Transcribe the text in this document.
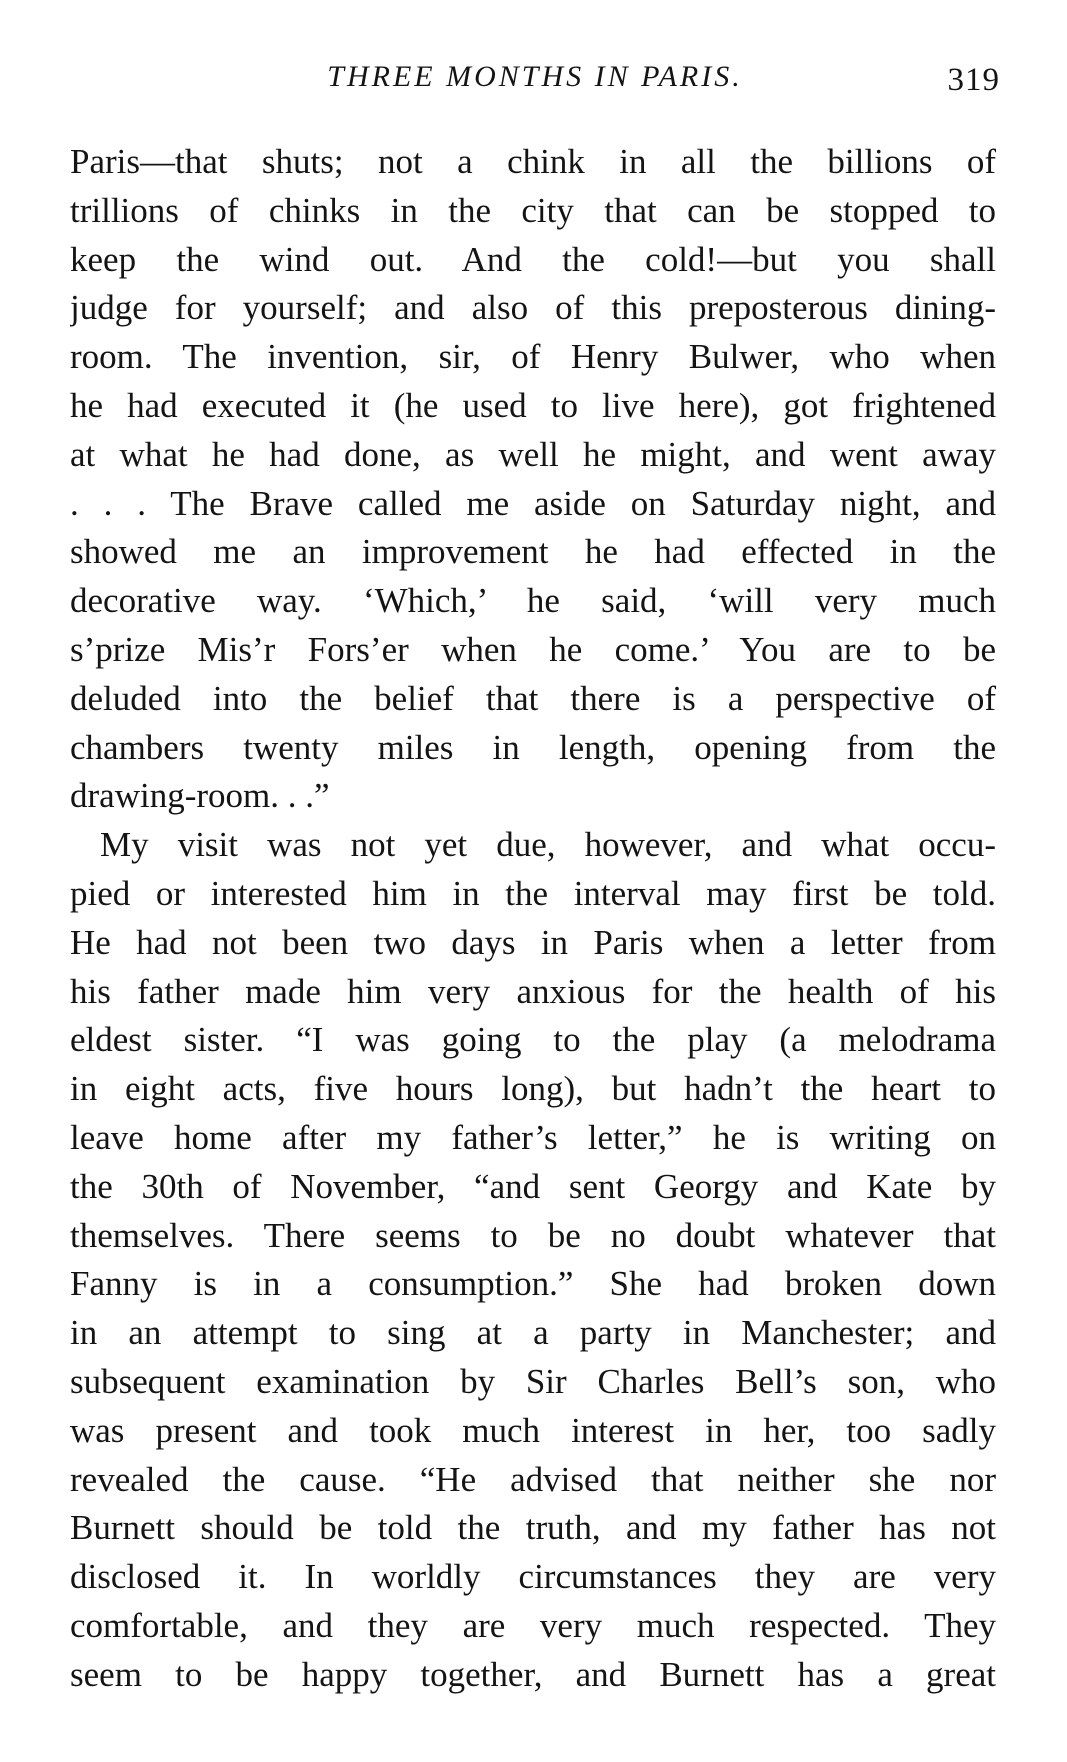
THREE MONTHS IN PARIS.	319
Paris—that shuts; not a chink in all the billions of
trillions of chinks in the city that can be stopped to
keep the wind out. And the cold!—but you shall
judge for yourself; and also of this preposterous dining-
room. The invention, sir, of Henry Bulwer, who when
he had executed it (he used to live here), got frightened
at what he had done, as well he might, and went away
. . . The Brave called me aside on Saturday night, and
showed me an improvement he had effected in the
decorative way. ‘Which,’ he said, ‘will very much
s’prize Mis’r Fors’er when he come.’ You are to be
deluded into the belief that there is a perspective of
chambers twenty miles in length, opening from the
drawing-room. . .”
My visit was not yet due, however, and what occu-
pied or interested him in the interval may first be told.
He had not been two days in Paris when a letter from
his father made him very anxious for the health of his
eldest sister. “I was going to the play (a melodrama
in eight acts, five hours long), but hadn’t the heart to
leave home after my father’s letter,” he is writing on
the 30th of November, “and sent Georgy and Kate by
themselves. There seems to be no doubt whatever that
Fanny is in a consumption.” She had broken down
in an attempt to sing at a party in Manchester; and
subsequent examination by Sir Charles Bell’s son, who
was present and took much interest in her, too sadly
revealed the cause. “He advised that neither she nor
Burnett should be told the truth, and my father has not
disclosed it. In worldly circumstances they are very
comfortable, and they are very much respected. They
seem to be happy together, and Burnett has a great
